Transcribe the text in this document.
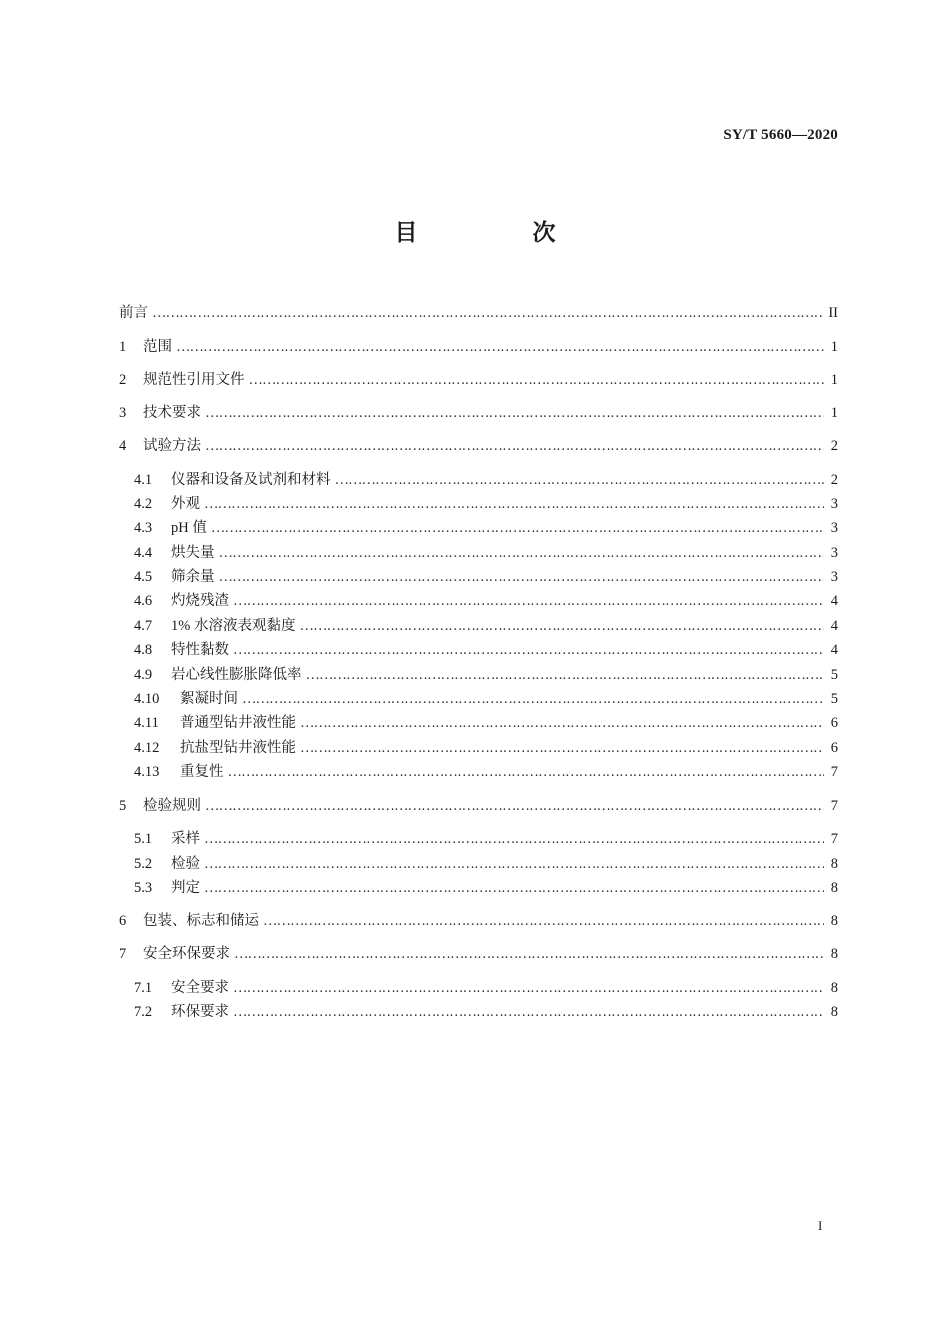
SY/T 5660—2020
目　次
前言 ……………………………………………………………………………………………………………………………………………………………………………………………………………………………………………………………	II
1	范围 ……………………………………………………………………………………………………………………………………………………………………………………………………………………………………………………………	1
2	规范性引用文件 ……………………………………………………………………………………………………………………………………………………………………………………………………………………………………………………………	1
3	技术要求 ……………………………………………………………………………………………………………………………………………………………………………………………………………………………………………………………	1
4	试验方法 ……………………………………………………………………………………………………………………………………………………………………………………………………………………………………………………………	2
4.1	仪器和设备及试剂和材料 ……………………………………………………………………………………………………………………………………………………………………………………………………………………………………………………………	2
4.2	外观 ……………………………………………………………………………………………………………………………………………………………………………………………………………………………………………………………	3
4.3	pH 值 ……………………………………………………………………………………………………………………………………………………………………………………………………………………………………………………………	3
4.4	烘失量 ……………………………………………………………………………………………………………………………………………………………………………………………………………………………………………………………	3
4.5	筛余量 ……………………………………………………………………………………………………………………………………………………………………………………………………………………………………………………………	3
4.6	灼烧残渣 ……………………………………………………………………………………………………………………………………………………………………………………………………………………………………………………………	4
4.7	1% 水溶液表观黏度 ……………………………………………………………………………………………………………………………………………………………………………………………………………………………………………………………	4
4.8	特性黏数 ……………………………………………………………………………………………………………………………………………………………………………………………………………………………………………………………	4
4.9	岩心线性膨胀降低率 ……………………………………………………………………………………………………………………………………………………………………………………………………………………………………………………………	5
4.10	絮凝时间 ……………………………………………………………………………………………………………………………………………………………………………………………………………………………………………………………	5
4.11	普通型钻井液性能 ……………………………………………………………………………………………………………………………………………………………………………………………………………………………………………………………	6
4.12	抗盐型钻井液性能 ……………………………………………………………………………………………………………………………………………………………………………………………………………………………………………………………	6
4.13	重复性 ……………………………………………………………………………………………………………………………………………………………………………………………………………………………………………………………	7
5	检验规则 ……………………………………………………………………………………………………………………………………………………………………………………………………………………………………………………………	7
5.1	采样 ……………………………………………………………………………………………………………………………………………………………………………………………………………………………………………………………	7
5.2	检验 ……………………………………………………………………………………………………………………………………………………………………………………………………………………………………………………………	8
5.3	判定 ……………………………………………………………………………………………………………………………………………………………………………………………………………………………………………………………	8
6	包装、标志和储运 ……………………………………………………………………………………………………………………………………………………………………………………………………………………………………………………………	8
7	安全环保要求 ……………………………………………………………………………………………………………………………………………………………………………………………………………………………………………………………	8
7.1	安全要求 ……………………………………………………………………………………………………………………………………………………………………………………………………………………………………………………………	8
7.2	环保要求 ……………………………………………………………………………………………………………………………………………………………………………………………………………………………………………………………	8
I
